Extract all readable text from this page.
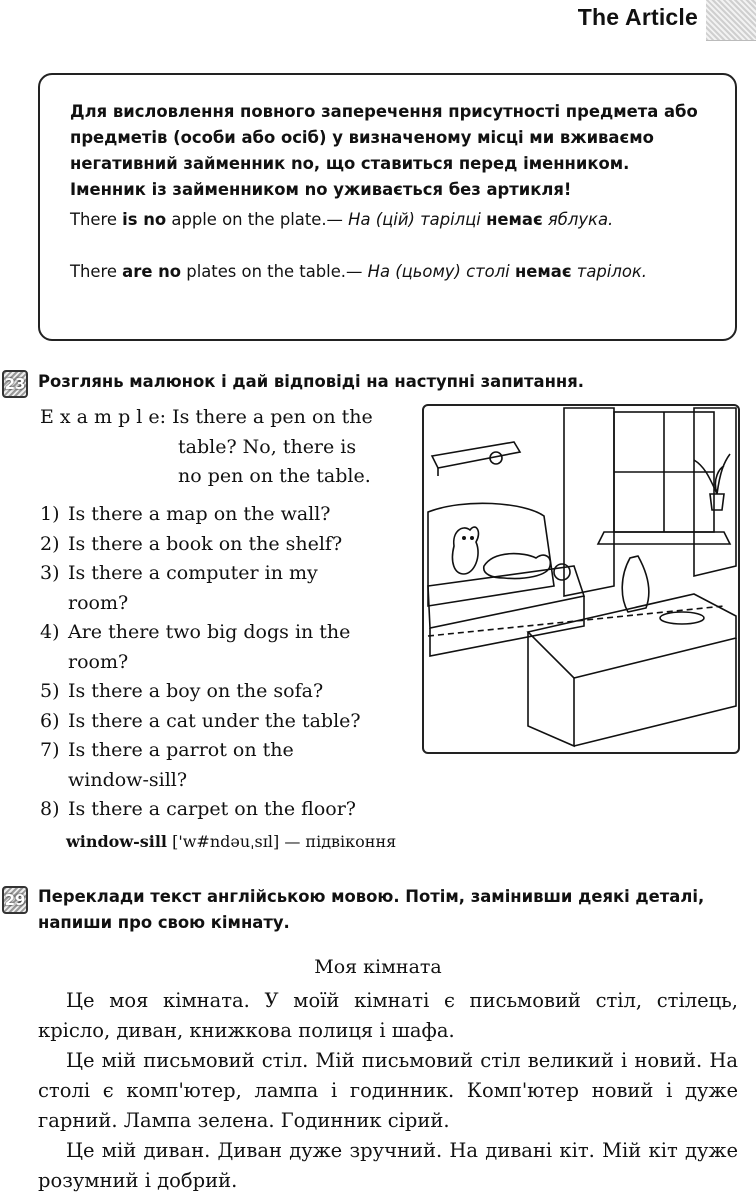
The Article

Для висловлення повного заперечення присутності предмета або предметів (особи або осіб) у визначеному місці ми вживаємо негативний займенник no, що ставиться перед іменником. Іменник із займенником no уживається без артикля!

There is no apple on the plate.— На (цій) тарілці немає яблука.
There are no plates on the table.— На (цьому) столі немає тарілок.
23 Розглянь малюнок і дай відповіді на наступні запитання.
E x a m p l e: Is there a pen on the
table? No, there is
no pen on the table.
1) Is there a map on the wall?
2) Is there a book on the shelf?
3) Is there a computer in my
room?
4) Are there two big dogs in the
room?
5) Is there a boy on the sofa?
6) Is there a cat under the table?
7) Is there a parrot on the
window-sill?
8) Is there a carpet on the floor?
window-sill ['w#ndəuˌsɪl] — підвіконня
29 Переклади текст англійською мовою. Потім, замінивши деякі деталі, напиши про свою кімнату.
Моя кімната

Це моя кімната. У моїй кімнаті є письмовий стіл, стілець, крісло, диван, книжкова полиця і шафа.

Це мій письмовий стіл. Мій письмовий стіл великий і новий. На столі є комп'ютер, лампа і годинник. Комп'ютер новий і дуже гарний. Лампа зелена. Годинник сірий.

Це мій диван. Диван дуже зручний. На дивані кіт. Мій кіт дуже розумний і добрий.
